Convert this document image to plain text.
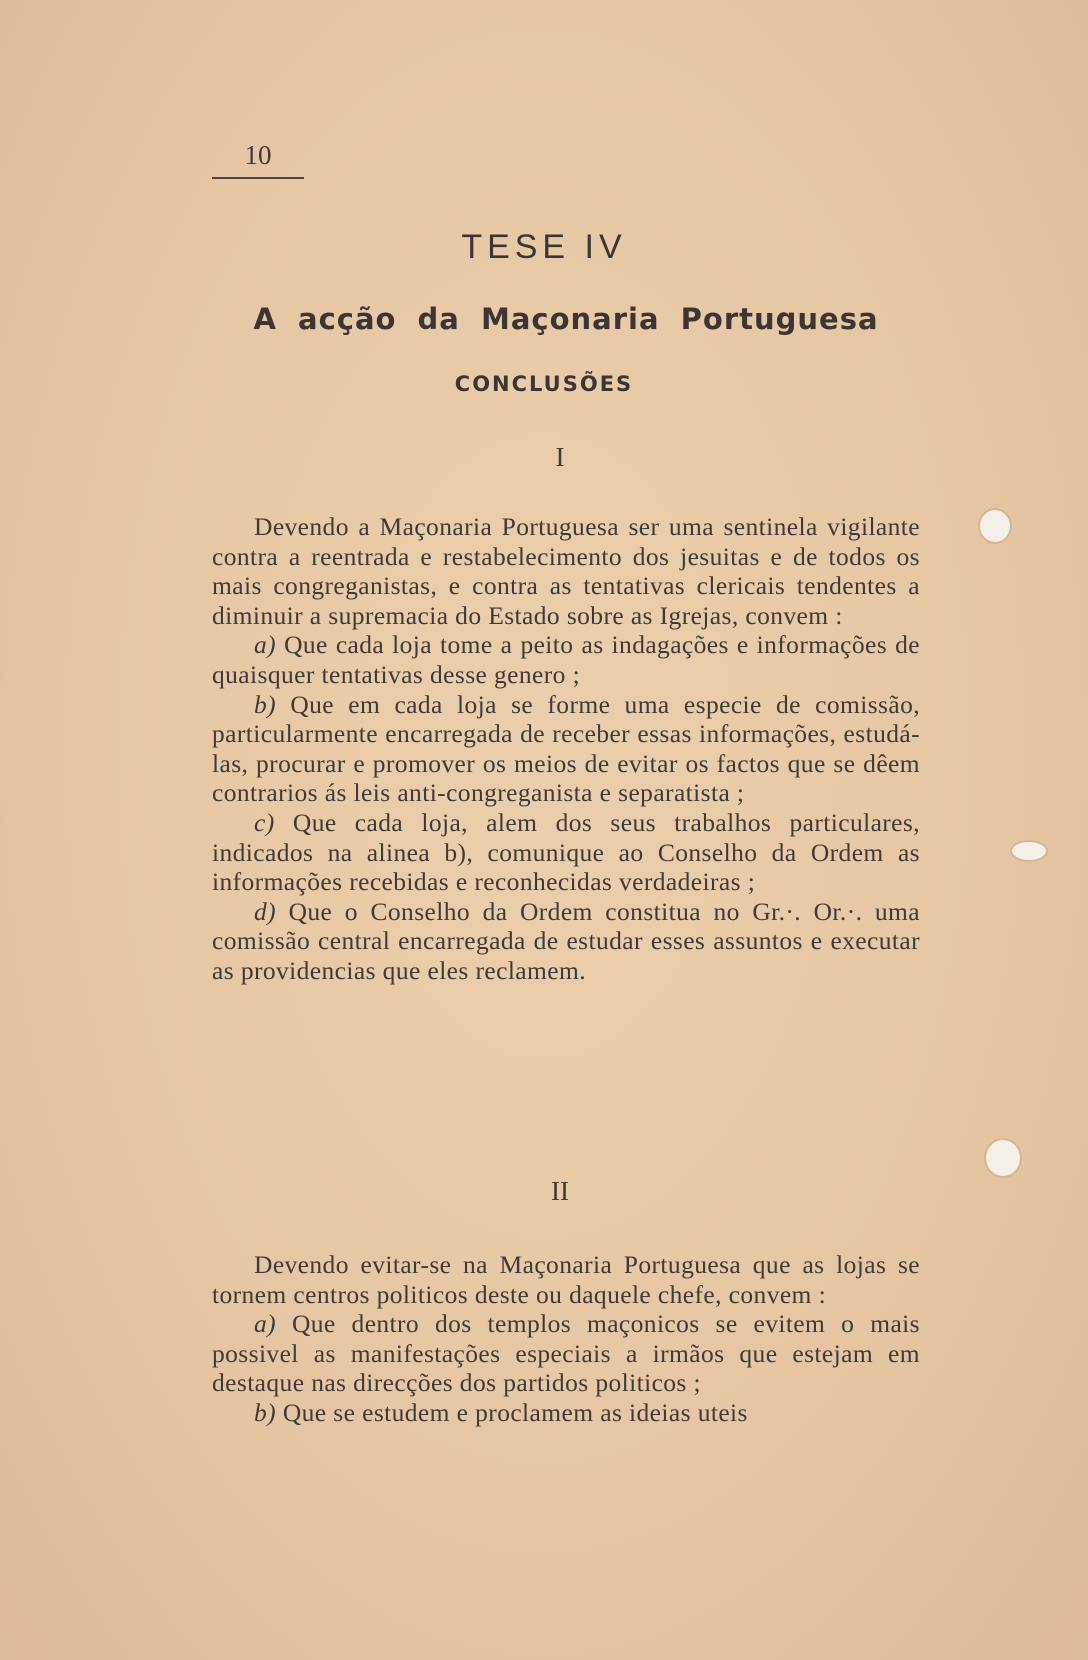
10
TESE IV
A acção da Maçonaria Portuguesa
CONCLUSÕES
I

Devendo a Maçonaria Portuguesa ser uma sentinela vigilante contra a reentrada e restabelecimento dos jesuitas e de todos os mais congreganistas, e contra as tentativas clericais tendentes a diminuir a supremacia do Estado sobre as Igrejas, convem :

a) Que cada loja tome a peito as indagações e informações de quaisquer tentativas desse genero ;

b) Que em cada loja se forme uma especie de comissão, particularmente encarregada de receber essas informações, estudá-las, procurar e promover os meios de evitar os factos que se dêem contrarios ás leis anti-congreganista e separatista ;

c) Que cada loja, alem dos seus trabalhos particulares, indicados na alinea b), comunique ao Conselho da Ordem as informações recebidas e reconhecidas verdadeiras ;

d) Que o Conselho da Ordem constitua no Gr.·. Or.·. uma comissão central encarregada de estudar esses assuntos e executar as providencias que eles reclamem.

II

Devendo evitar-se na Maçonaria Portuguesa que as lojas se tornem centros politicos deste ou daquele chefe, convem :

a) Que dentro dos templos maçonicos se evitem o mais possivel as manifestações especiais a irmãos que estejam em destaque nas direcções dos partidos politicos ;

b) Que se estudem e proclamem as ideias uteis
